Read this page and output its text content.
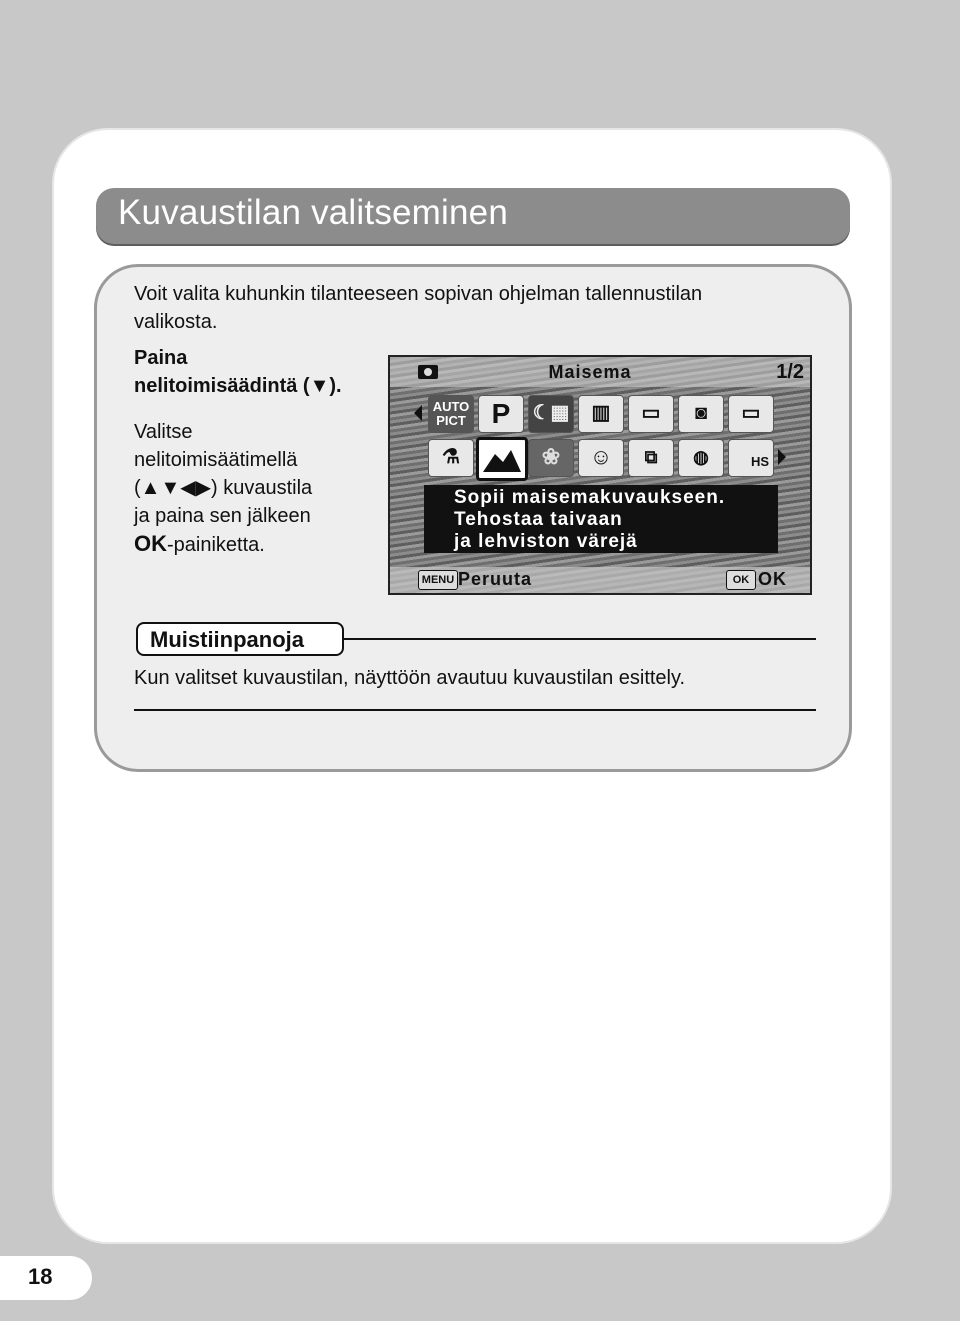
Kuvaustilan valitseminen
Voit valita kuhunkin tilanteeseen sopivan ohjelman tallennustilan
valikosta.
Paina
nelitoimisäädintä (▼).
Valitse
nelitoimisäätimellä
(▲▼◀▶) kuvaustila
ja paina sen jälkeen
OK-painiketta.
Maisema	1/2
AUTO
PICT P	☾▦	▥	▭	◙	▭
⚗	❀	☺	⧉	◍	HS
Sopii maisemakuvaukseen.
Tehostaa taivaan
ja lehviston värejä
MENU Peruuta	OK OK
Muistiinpanoja
Kun valitset kuvaustilan, näyttöön avautuu kuvaustilan esittely.
18
